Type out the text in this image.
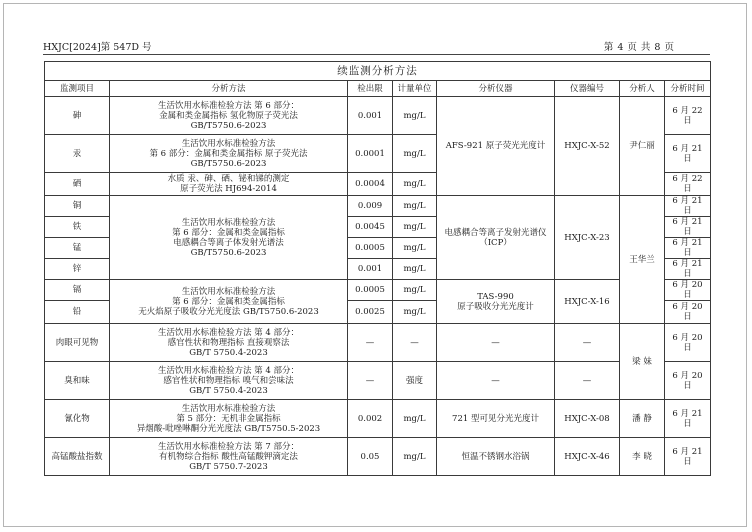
HXJC[2024]第 547D 号	第 4 页 共 8 页
续监测分析方法							
监测项目	分析方法	检出限	计量单位	分析仪器	仪器编号	分析人	分析时间
砷	生活饮用水标准检验方法 第 6 部分：
金属和类金属指标 氢化物原子荧光法
GB/T5750.6-2023	0.001	mg/L	AFS-921 原子荧光光度计	HXJC-X-52	尹仁丽	6 月 22 日
汞	生活饮用水标准检验方法
第 6 部分：金属和类金属指标 原子荧光法
GB/T5750.6-2023	0.0001	mg/L				6 月 21 日
硒	水质 汞、砷、硒、铋和锑的测定
原子荧光法 HJ694-2014	0.0004	mg/L				6 月 22 日
铜	生活饮用水标准检验方法
第 6 部分：金属和类金属指标
电感耦合等离子体发射光谱法
GB/T5750.6-2023	0.009	mg/L	电感耦合等离子发射光谱仪
（ICP）	HXJC-X-23	王华兰	6 月 21 日
铁		0.0045	mg/L				6 月 21 日
锰		0.0005	mg/L				6 月 21 日
锌		0.001	mg/L				6 月 21 日
镉	生活饮用水标准检验方法
第 6 部分：金属和类金属指标
无火焰原子吸收分光光度法 GB/T5750.6-2023	0.0005	mg/L	TAS-990
原子吸收分光光度计	HXJC-X-16		6 月 20 日
铅		0.0025	mg/L				6 月 20 日
肉眼可见物	生活饮用水标准检验方法 第 4 部分：
感官性状和物理指标 直接观察法
GB/T 5750.4-2023	—	—	—	—	梁 妹	6 月 20 日
臭和味	生活饮用水标准检验方法 第 4 部分：
感官性状和物理指标 嗅气和尝味法
GB/T 5750.4-2023	—	强度	—	—		6 月 20 日
氰化物	生活饮用水标准检验方法
第 5 部分：无机非金属指标
异烟酸-吡唑啉酮分光光度法 GB/T5750.5-2023	0.002	mg/L	721 型可见分光光度计	HXJC-X-08	潘 静	6 月 21 日
高锰酸盐指数	生活饮用水标准检验方法 第 7 部分：
有机物综合指标 酸性高锰酸钾滴定法
GB/T 5750.7-2023	0.05	mg/L	恒温不锈钢水浴锅	HXJC-X-46	李 晓	6 月 21 日
